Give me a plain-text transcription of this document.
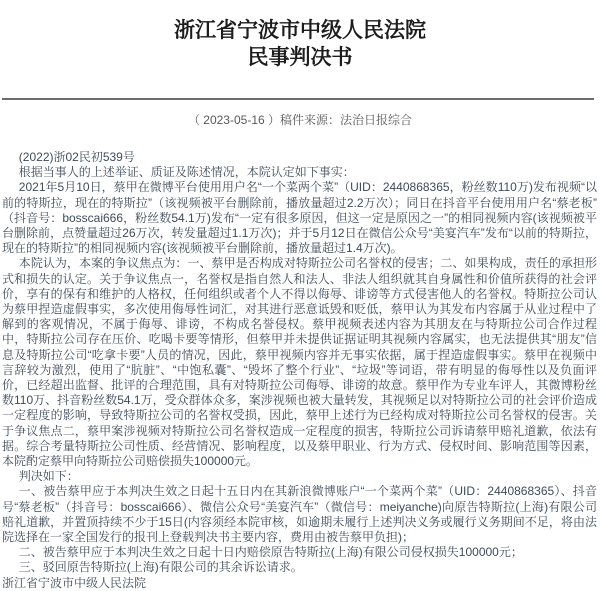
浙江省宁波市中级人民法院
民事判决书
（ 2023-05-16 ）稿件来源：法治日报综合

(2022)浙02民初539号

根据当事人的上述举证、质证及陈述情况，本院认定如下事实：

2021年5月10日，蔡甲在微博平台使用用户名“一个菜两个菜”（UID：2440868365，粉丝数110万)发布视频“以前的特斯拉，现在的特斯拉”（该视频被平台删除前，播放量超过2.2万次）；同日在抖音平台使用用户名“蔡老板”（抖音号：bosscai666，粉丝数54.1万)发布“一定有很多原因，但这一定是原因之一”的相同视频内容(该视频被平台删除前，点赞量超过26万次，转发量超过1.1万次)；并于5月12日在微信公众号“美宴汽车”发布“以前的特斯拉，现在的特斯拉”的相同视频内容(该视频被平台删除前，播放量超过1.4万次)。

本院认为，本案的争议焦点为：一、蔡甲是否构成对特斯拉公司名誉权的侵害；二、如果构成，责任的承担形式和损失的认定。关于争议焦点一，名誉权是指自然人和法人、非法人组织就其自身属性和价值所获得的社会评价，享有的保有和维护的人格权，任何组织或者个人不得以侮辱、诽谤等方式侵害他人的名誉权。特斯拉公司认为蔡甲捏造虚假事实，多次使用侮辱性词汇，对其进行恶意诋毁和贬低，蔡甲认为其发布内容属于从业过程中了解到的客观情况，不属于侮辱、诽谤，不构成名誉侵权。蔡甲视频表述内容为其朋友在与特斯拉公司合作过程中，特斯拉公司存在压价、吃喝卡要等情形，但蔡甲并未提供证据证明其视频内容属实，也无法提供其“朋友”信息及特斯拉公司“吃拿卡要”人员的情况，因此，蔡甲视频内容并无事实依据，属于捏造虚假事实。蔡甲在视频中言辞较为激烈，使用了“肮脏”、“中饱私囊”、“毁坏了整个行业”、“垃圾”等词语，带有明显的侮辱性以及负面评价，已经超出监督、批评的合理范围，具有对特斯拉公司侮辱、诽谤的故意。蔡甲作为专业车评人，其微博粉丝数110万、抖音粉丝数54.1万，受众群体众多，案涉视频也被大量转发，其视频足以对特斯拉公司的社会评价造成一定程度的影响，导致特斯拉公司的名誉权受损，因此，蔡甲上述行为已经构成对特斯拉公司名誉权的侵害。关于争议焦点二，蔡甲案涉视频对特斯拉公司名誉权造成一定程度的损害，特斯拉公司诉请蔡甲赔礼道歉，依法有据。综合考量特斯拉公司性质、经营情况、影响程度，以及蔡甲职业、行为方式、侵权时间、影响范围等因素，本院酌定蔡甲向特斯拉公司赔偿损失100000元。

判决如下：

一、被告蔡甲应于本判决生效之日起十五日内在其新浪微博账户“一个菜两个菜”（UID：2440868365）、抖音号“蔡老板”（抖音号：bosscai666）、微信公众号“美宴汽车”（微信号：meiyanche)向原告特斯拉(上海)有限公司赔礼道歉，并置顶持续不少于15日(内容须经本院审核，如逾期未履行上述判决义务或履行义务期间不足，将由法院选择在一家全国发行的报刊上登载判决书主要内容，费用由被告蔡甲负担)；

二、被告蔡甲应于本判决生效之日起十日内赔偿原告特斯拉(上海)有限公司侵权损失100000元；

三、驳回原告特斯拉(上海)有限公司的其余诉讼请求。

浙江省宁波市中级人民法院
